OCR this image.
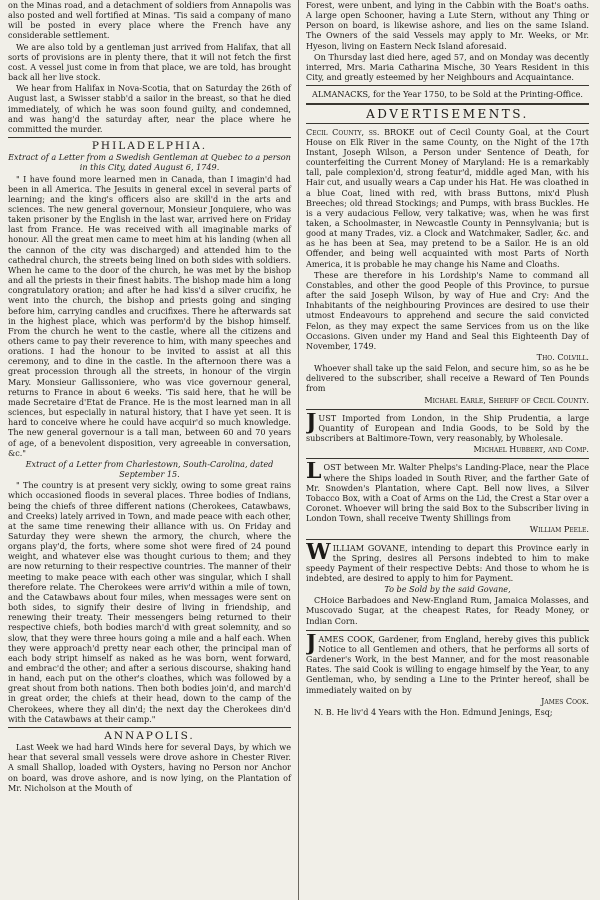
on the Minas road, and a detachment of soldiers from Annapolis was also posted and well fortified at Minas. 'Tis said a company of mano will be posted in every place where the French have any considerable settlement.

We are also told by a gentleman just arrived from Halifax, that all sorts of provisions are in plenty there, that it will not fetch the first cost. A vessel just come in from that place, we are told, has brought back all her live stock.

We hear from Halifax in Nova-Scotia, that on Saturday the 26th of August last, a Swisser stabb'd a sailor in the breast, so that he died immediately, of which he was soon found guilty, and condemned, and was hang'd the saturday after, near the place where he committed the murder.

PHILADELPHIA.

Extract of a Letter from a Swedish Gentleman at Quebec to a person in this City, dated August 6, 1749.

" I have found more learned men in Canada, than I imagin'd had been in all America. The Jesuits in general excel in several parts of learning; and the king's officers also are skill'd in the arts and sciences. The new general governour, Monsieur Jonquiere, who was taken prisoner by the English in the last war, arrived here on Friday last from France. He was received with all imaginable marks of honour. All the great men came to meet him at his landing (when all the cannon of the city was discharged) and attended him to the cathedral church, the streets being lined on both sides with soldiers. When he came to the door of the church, he was met by the bishop and all the priests in their finest habits. The bishop made him a long congratulatory oration; and after he had kiss'd a silver crucifix, he went into the church, the bishop and priests going and singing before him, carrying candles and crucifixes. There he afterwards sat in the highest place, which was perform'd by the bishop himself. From the church he went to the castle, where all the citizens and others came to pay their reverence to him, with many speeches and orations. I had the honour to be invited to assist at all this ceremony, and to dine in the castle. In the afternoon there was a great procession through all the streets, in honour of the virgin Mary. Monsieur Gallissoniere, who was vice governour general, returns to France in about 6 weeks. 'Tis said here, that he will be made Secretaire d'Etat de France. He is the most learned man in all sciences, but especially in natural history, that I have yet seen. It is hard to conceive where he could have acquir'd so much knowledge. The new general governour is a tall man, between 60 and 70 years of age, of a benevolent disposition, very agreeable in conversation, &c."

Extract of a Letter from Charlestown, South-Carolina, dated September 15.

" The country is at present very sickly, owing to some great rains which occasioned floods in several places. Three bodies of Indians, being the chiefs of three different nations (Cherokees, Catawbaws, and Creeks) lately arrived in Town, and made peace with each other, at the same time renewing their alliance with us. On Friday and Saturday they were shewn the armory, the church, where the organs play'd, the forts, where some shot were fired of 24 pound weight, and whatever else was thought curious to them; and they are now returning to their respective countries. The manner of their meeting to make peace with each other was singular, which I shall therefore relate. The Cherokees were arriv'd within a mile of town, and the Catawbaws about four miles, when messages were sent on both sides, to signify their desire of living in friendship, and renewing their treaty. Their messengers being returned to their respective chiefs, both bodies march'd with great solemnity, and so slow, that they were three hours going a mile and a half each. When they were approach'd pretty near each other, the principal man of each body stript himself as naked as he was born, went forward, and embrac'd the other; and after a serious discourse, shaking hand in hand, each put on the other's cloathes, which was followed by a great shout from both nations. Then both bodies join'd, and march'd in great order, the chiefs at their head, down to the camp of the Cherokees, where they all din'd; the next day the Cherokees din'd with the Catawbaws at their camp."

ANNAPOLIS.

Last Week we had hard Winds here for several Days, by which we hear that several small vessels were drove ashore in Chester River. A small Shallop, loaded with Oysters, having no Person nor Anchor on board, was drove ashore, and is now lying, on the Plantation of Mr. Nicholson at the Mouth of

Forest, were unbent, and lying in the Cabbin with the Boat's oaths. A large open Schooner, having a Lute Stern, without any Thing or Person on board, is likewise ashore, and lies on the same Island. The Owners of the said Vessels may apply to Mr. Weeks, or Mr. Hyeson, living on Eastern Neck Island aforesaid.

On Thursday last died here, aged 57, and on Monday was decently interred, Mrs. Maria Catharina Mische, 30 Years Resident in this City, and greatly esteemed by her Neighbours and Acquaintance.

ALMANACKS, for the Year 1750, to be Sold at the Printing-Office.

ADVERTISEMENTS.

Cecil County, ss. BROKE out of Cecil County Goal, at the Court House on Elk River in the same County, on the Night of the 17th Instant, Joseph Wilson, a Person under Sentence of Death, for counterfeiting the Current Money of Maryland: He is a remarkably tall, pale complexion'd, strong featur'd, middle aged Man, with his Hair cut, and usually wears a Cap under his Hat. He was cloathed in a blue Coat, lined with red, with brass Buttons, mix'd Plush Breeches; old thread Stockings; and Pumps, with brass Buckles. He is a very audacious Fellow, very talkative; was, when he was first taken, a Schoolmaster, in Newcastle County in Pennsylvania; but is good at many Trades, viz. a Clock and Watchmaker, Sadler, &c. and as he has been at Sea, may pretend to be a Sailor. He is an old Offender, and being well acquainted with most Parts of North America, it is probable he may change his Name and Cloaths.

These are therefore in his Lordship's Name to command all Constables, and other the good People of this Province, to pursue after the said Joseph Wilson, by way of Hue and Cry: And the Inhabitants of the neighbouring Provinces are desired to use their utmost Endeavours to apprehend and secure the said convicted Felon, as they may expect the same Services from us on the like Occasions. Given under my Hand and Seal this Eighteenth Day of November, 1749.

Tho. Colvill.

Whoever shall take up the said Felon, and secure him, so as he be delivered to the subscriber, shall receive a Reward of Ten Pounds from

Michael Earle, Sheriff of Cecil County.

J UST Imported from London, in the Ship Prudentia, a large Quantity of European and India Goods, to be Sold by the subscribers at Baltimore-Town, very reasonably, by Wholesale.

Michael Hubbert, and Comp.

L OST between Mr. Walter Phelps's Landing-Place, near the Place where the Ships loaded in South River, and the farther Gate of Mr. Snowden's Plantation, where Capt. Bell now lives, a Silver Tobacco Box, with a Coat of Arms on the Lid, the Crest a Star over a Coronet. Whoever will bring the said Box to the Subscriber living in London Town, shall receive Twenty Shillings from

William Peele.

W ILLIAM GOVANE, intending to depart this Province early in the Spring, desires all Persons indebted to him to make speedy Payment of their respective Debts: And those to whom he is indebted, are desired to apply to him for Payment.

To be Sold by the said Govane,

CHoice Barbadoes and New-England Rum, Jamaica Molasses, and Muscovado Sugar, at the cheapest Rates, for Ready Money, or Indian Corn.

J AMES COOK, Gardener, from England, hereby gives this publick Notice to all Gentlemen and others, that he performs all sorts of Gardener's Work, in the best Manner, and for the most reasonable Rates. The said Cook is willing to engage himself by the Year, to any Gentleman, who, by sending a Line to the Printer hereof, shall be immediately waited on by

James Cook.

N. B. He liv'd 4 Years with the Hon. Edmund Jenings, Esq;
